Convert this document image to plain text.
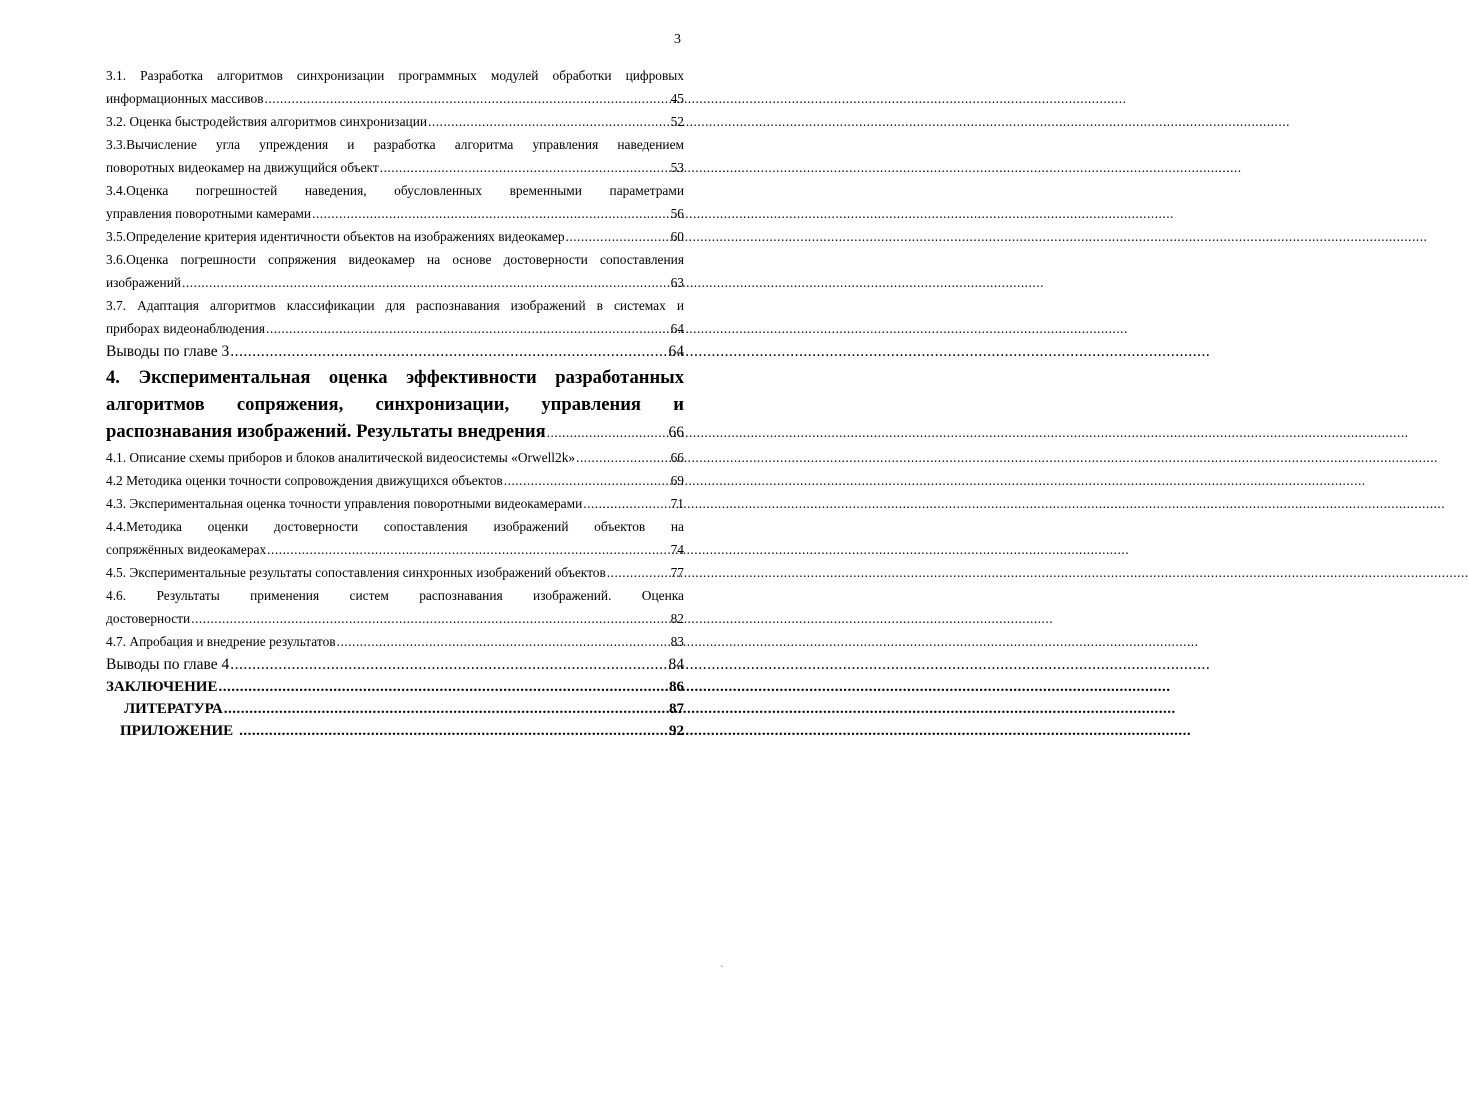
3
3.1. Разработка алгоритмов синхронизации программных модулей обработки цифровых
информационных массивов .....	45
3.2. Оценка быстродействия алгоритмов синхронизации .....	52
3.3.Вычисление угла упреждения и разработка алгоритма управления наведением
поворотных видеокамер на движущийся объект .....	53
3.4.Оценка погрешностей наведения, обусловленных временными параметрами
управления поворотными камерами .....	56
3.5.Определение критерия идентичности объектов на изображениях видеокамер .....	60
3.6.Оценка погрешности сопряжения видеокамер на основе достоверности сопоставления
изображений .....	63
3.7. Адаптация алгоритмов классификации для распознавания изображений в системах и
приборах видеонаблюдения .....	64
Выводы по главе 3 .....	64
4. Экспериментальная оценка эффективности разработанных
алгоритмов сопряжения, синхронизации, управления и
распознавания изображений. Результаты внедрения .....	66
4.1. Описание схемы приборов и блоков аналитической видеосистемы «Orwell2k» .....	66
4.2 Методика оценки точности сопровождения движущихся объектов .....	69
4.3. Экспериментальная оценка точности управления поворотными видеокамерами .....	71
4.4.Методика оценки достоверности сопоставления изображений объектов на
сопряжённых видеокамерах .....	74
4.5. Экспериментальные результаты сопоставления синхронных изображений объектов .....	77
4.6. Результаты применения систем распознавания изображений. Оценка
достоверности .....	82
4.7. Апробация и внедрение результатов .....	83
Выводы по главе 4 .....	84
ЗАКЛЮЧЕНИЕ .....	86
ЛИТЕРАТУРА .....	87
ПРИЛОЖЕНИЕ .....	92
`
